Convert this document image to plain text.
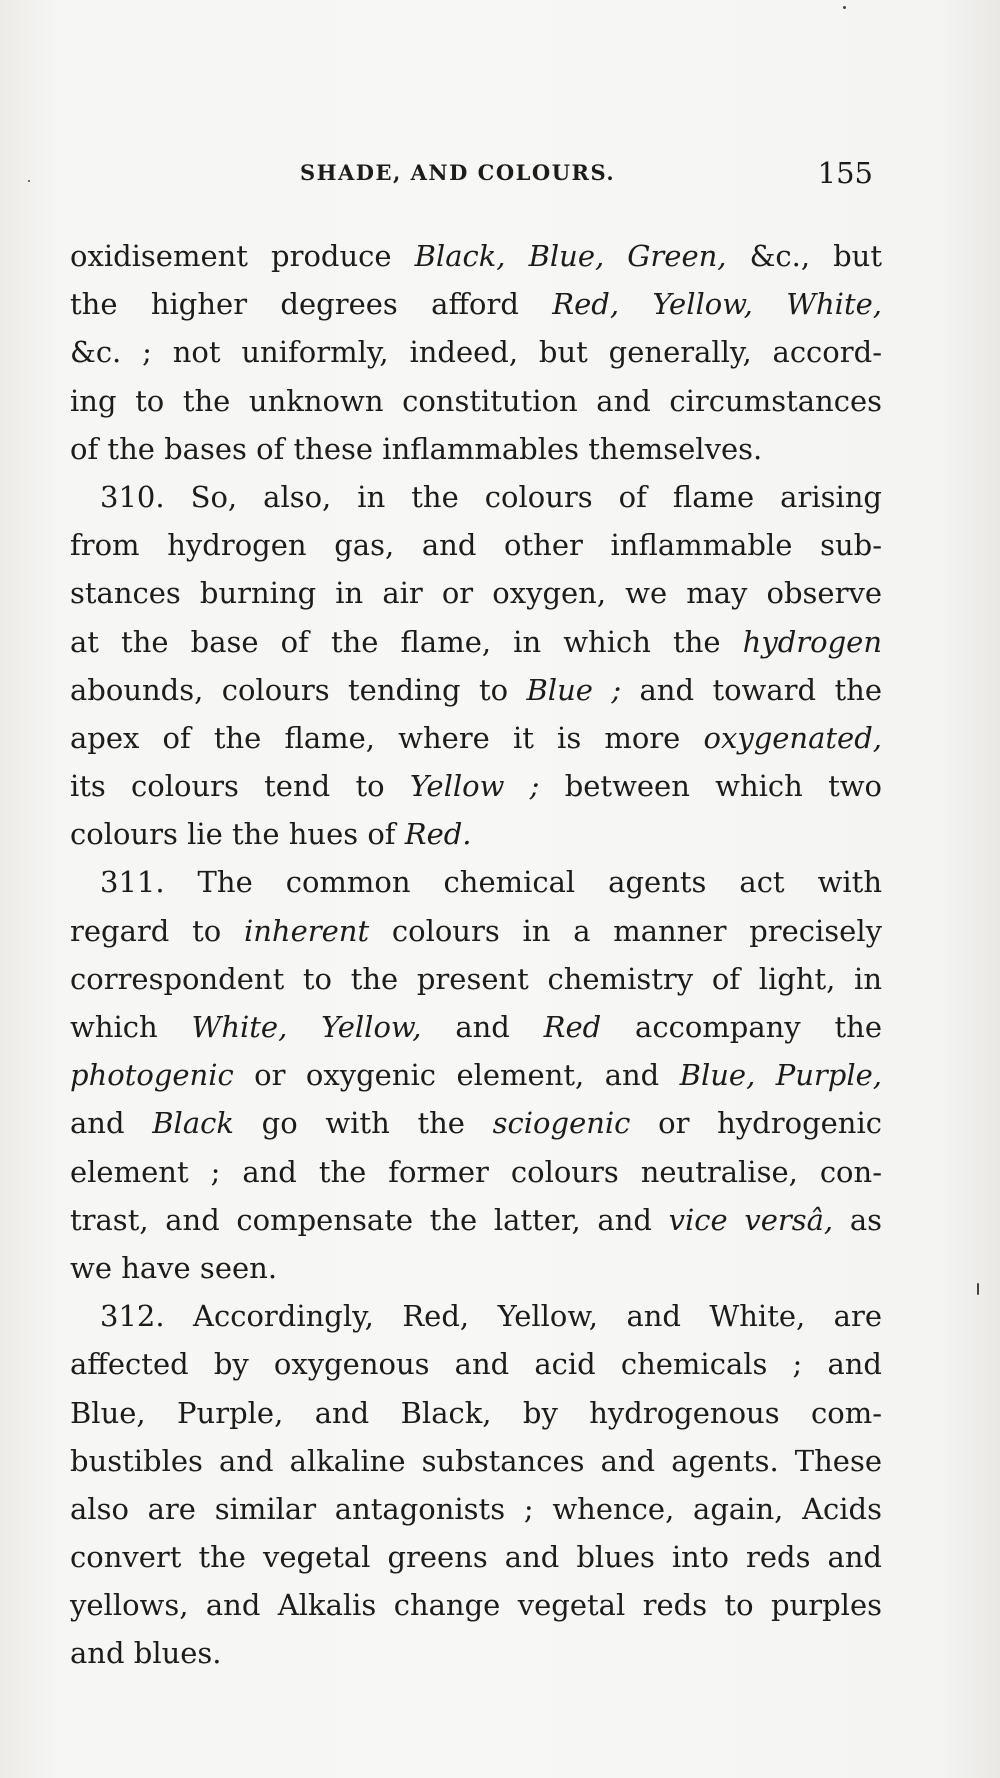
SHADE, AND COLOURS.	155
oxidisement produce Black, Blue, Green, &c., but
the higher degrees afford Red, Yellow, White,
&c. ; not uniformly, indeed, but generally, accord-
ing to the unknown constitution and circumstances
of the bases of these inflammables themselves.
310. So, also, in the colours of flame arising
from hydrogen gas, and other inflammable sub-
stances burning in air or oxygen, we may observe
at the base of the flame, in which the hydrogen
abounds, colours tending to Blue ; and toward the
apex of the flame, where it is more oxygenated,
its colours tend to Yellow ; between which two
colours lie the hues of Red.
311. The common chemical agents act with
regard to inherent colours in a manner precisely
correspondent to the present chemistry of light, in
which White, Yellow, and Red accompany the
photogenic or oxygenic element, and Blue, Purple,
and Black go with the sciogenic or hydrogenic
element ; and the former colours neutralise, con-
trast, and compensate the latter, and vice versâ, as
we have seen.
312. Accordingly, Red, Yellow, and White, are
affected by oxygenous and acid chemicals ; and
Blue, Purple, and Black, by hydrogenous com-
bustibles and alkaline substances and agents. These
also are similar antagonists ; whence, again, Acids
convert the vegetal greens and blues into reds and
yellows, and Alkalis change vegetal reds to purples
and blues.
